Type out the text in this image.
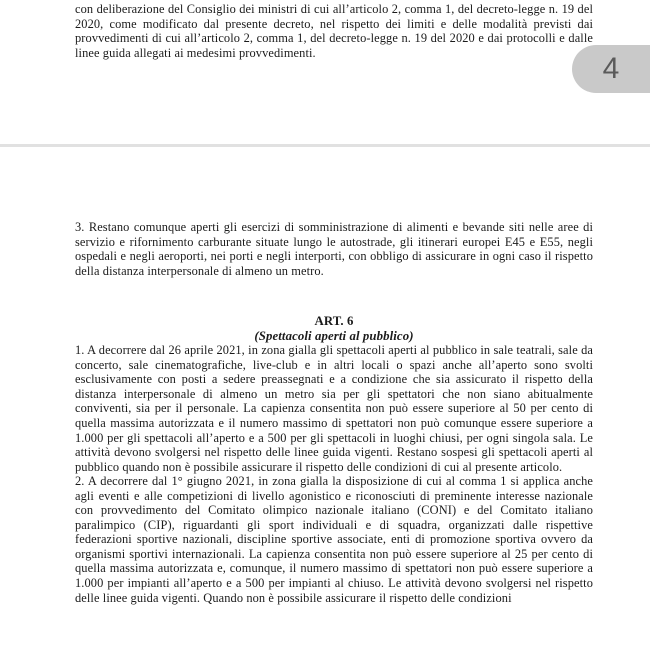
con deliberazione del Consiglio dei ministri di cui all’articolo 2, comma 1, del decreto-legge n. 19 del 2020, come modificato dal presente decreto, nel rispetto dei limiti e delle modalità previsti dai provvedimenti di cui all’articolo 2, comma 1, del decreto-legge n. 19 del 2020 e dai protocolli e dalle linee guida allegati ai medesimi provvedimenti.	4

3. Restano comunque aperti gli esercizi di somministrazione di alimenti e bevande siti nelle aree di servizio e rifornimento carburante situate lungo le autostrade, gli itinerari europei E45 e E55, negli ospedali e negli aeroporti, nei porti e negli interporti, con obbligo di assicurare in ogni caso il rispetto della distanza interpersonale di almeno un metro.

ART. 6

(Spettacoli aperti al pubblico)

1. A decorrere dal 26 aprile 2021, in zona gialla gli spettacoli aperti al pubblico in sale teatrali, sale da concerto, sale cinematografiche, live-club e in altri locali o spazi anche all’aperto sono svolti esclusivamente con posti a sedere preassegnati e a condizione che sia assicurato il rispetto della distanza interpersonale di almeno un metro sia per gli spettatori che non siano abitualmente conviventi, sia per il personale. La capienza consentita non può essere superiore al 50 per cento di quella massima autorizzata e il numero massimo di spettatori non può comunque essere superiore a 1.000 per gli spettacoli all’aperto e a 500 per gli spettacoli in luoghi chiusi, per ogni singola sala. Le attività devono svolgersi nel rispetto delle linee guida vigenti. Restano sospesi gli spettacoli aperti al pubblico quando non è possibile assicurare il rispetto delle condizioni di cui al presente articolo.

2. A decorrere dal 1° giugno 2021, in zona gialla la disposizione di cui al comma 1 si applica anche agli eventi e alle competizioni di livello agonistico e riconosciuti di preminente interesse nazionale con provvedimento del Comitato olimpico nazionale italiano (CONI) e del Comitato italiano paralimpico (CIP), riguardanti gli sport individuali e di squadra, organizzati dalle rispettive federazioni sportive nazionali, discipline sportive associate, enti di promozione sportiva ovvero da organismi sportivi internazionali. La capienza consentita non può essere superiore al 25 per cento di quella massima autorizzata e, comunque, il numero massimo di spettatori non può essere superiore a 1.000 per impianti all’aperto e a 500 per impianti al chiuso. Le attività devono svolgersi nel rispetto delle linee guida vigenti. Quando non è possibile assicurare il rispetto delle condizioni
